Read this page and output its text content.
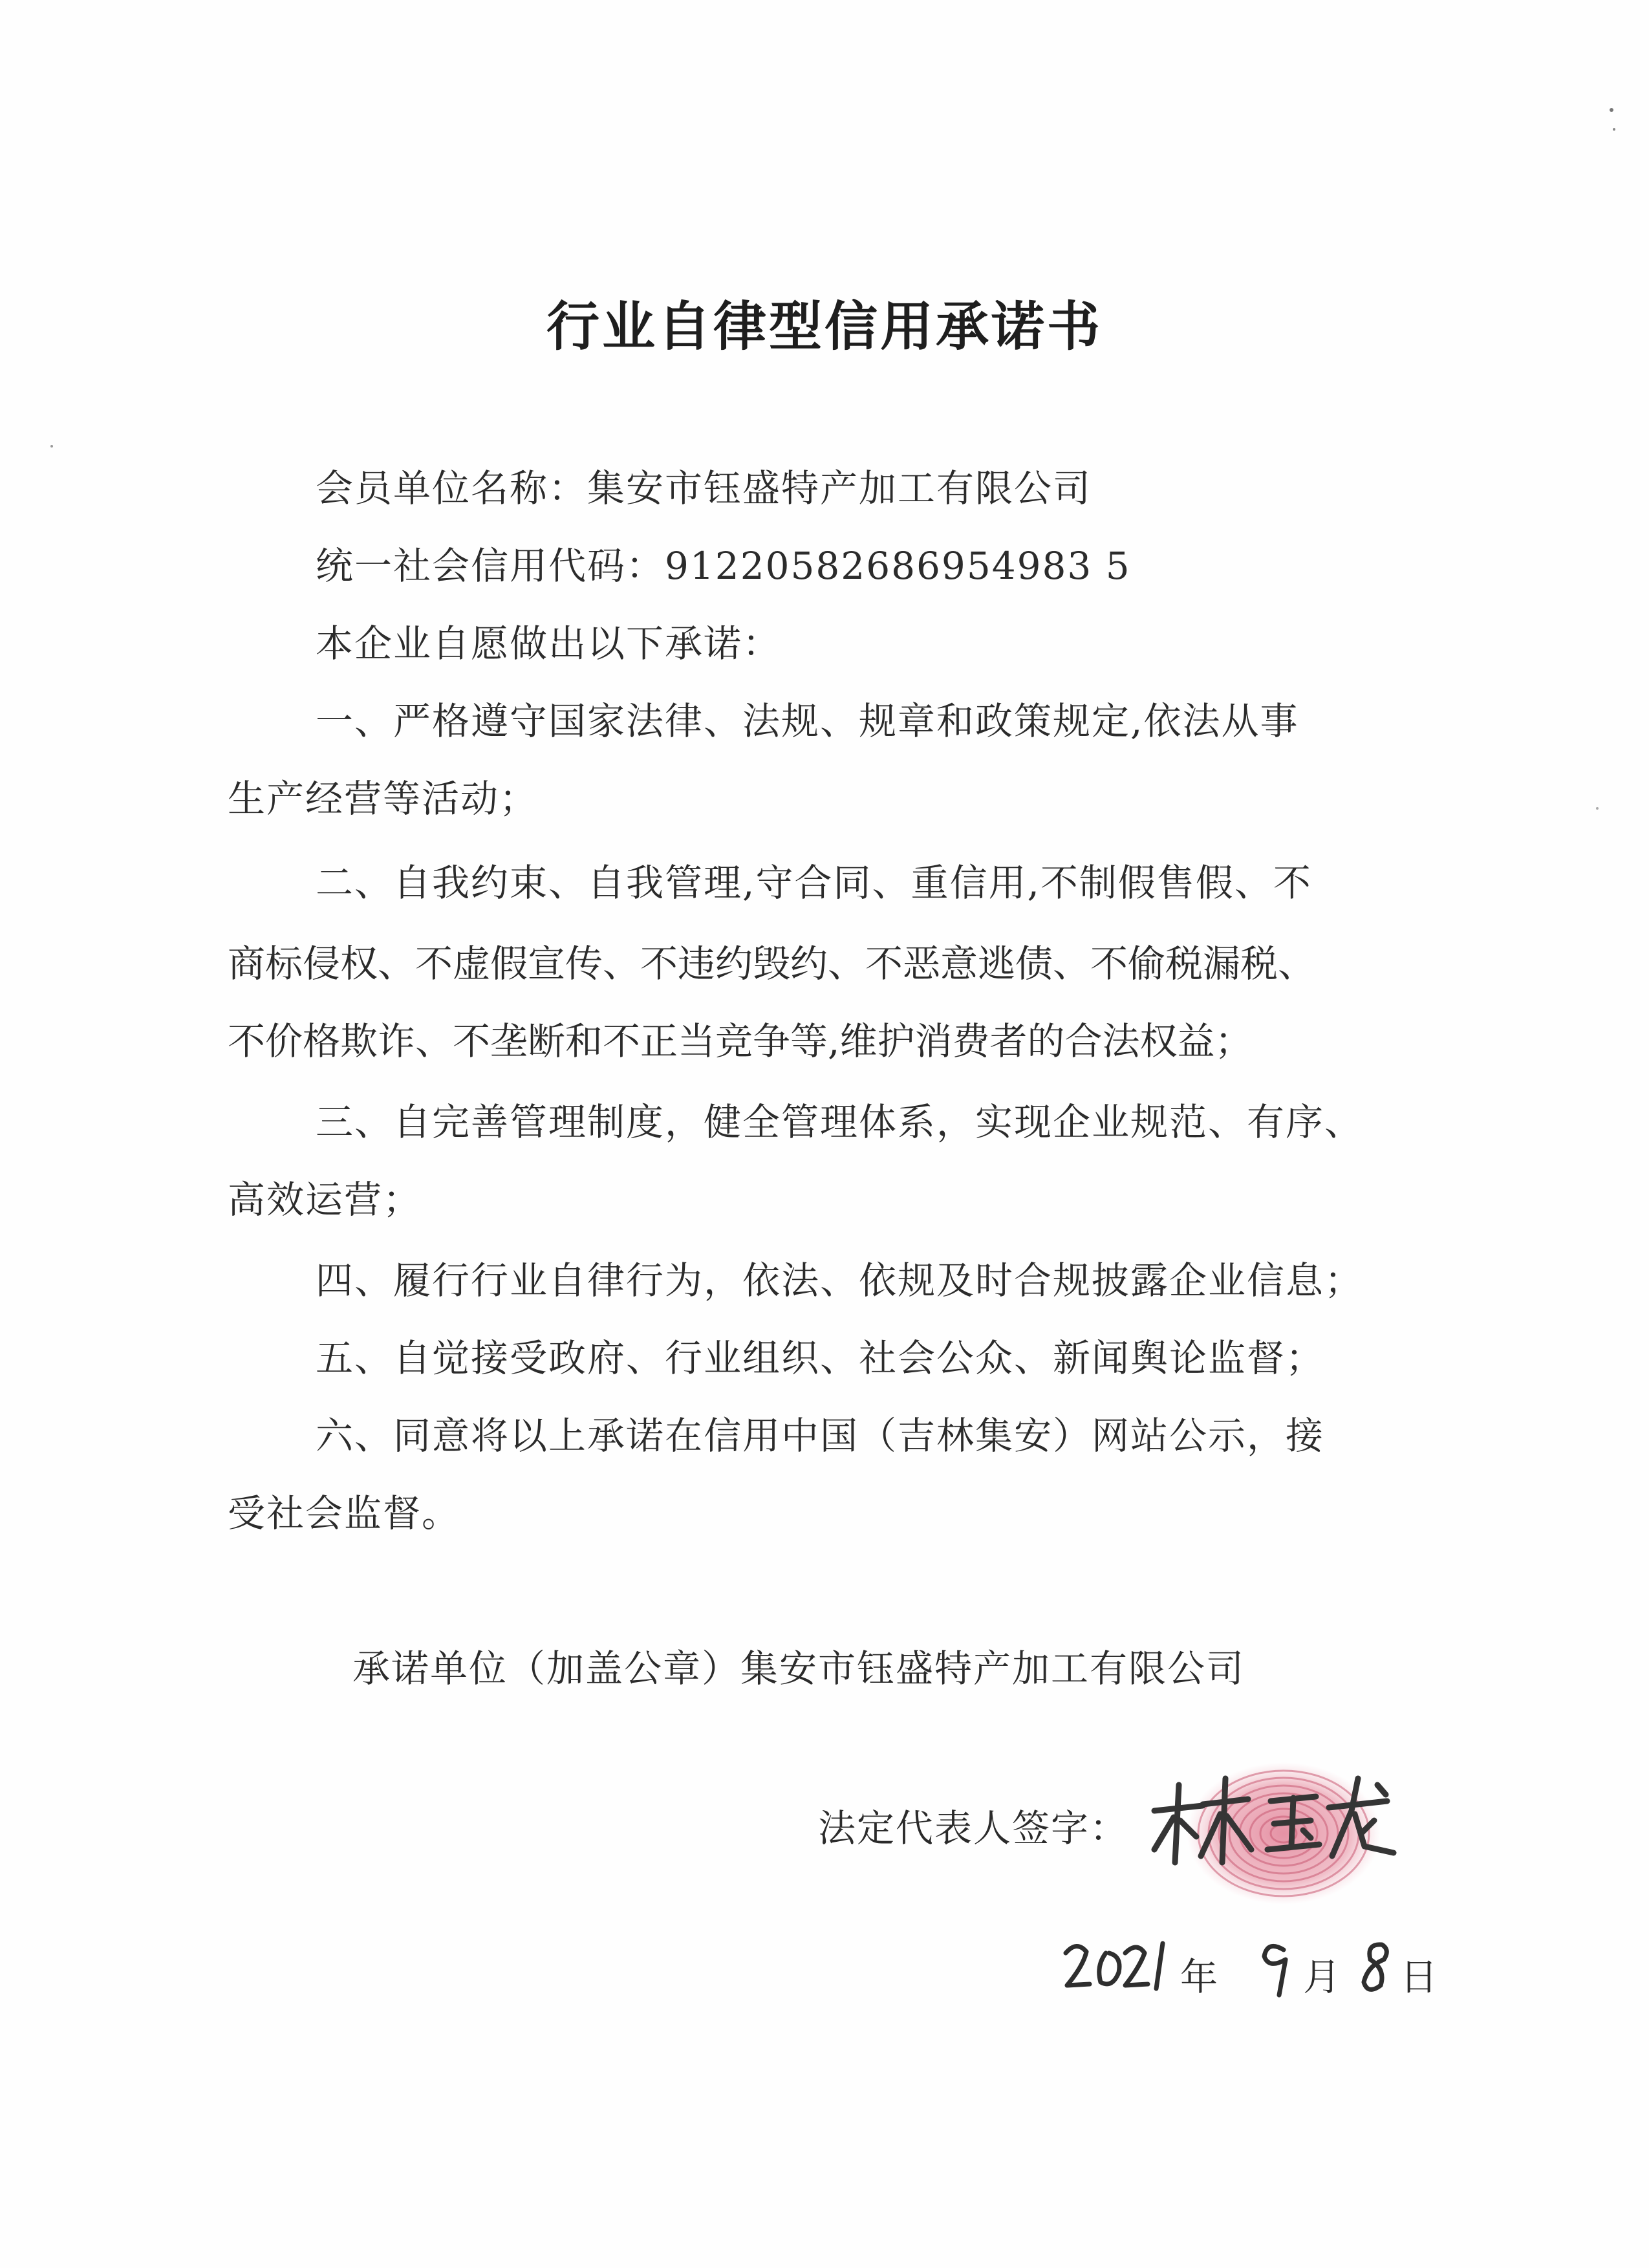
行业自律型信用承诺书
会员单位名称：集安市钰盛特产加工有限公司
统一社会信用代码：91220582686954983 5
本企业自愿做出以下承诺：
一、严格遵守国家法律、法规、规章和政策规定,依法从事
生产经营等活动；
二、自我约束、自我管理,守合同、重信用,不制假售假、不
商标侵权、不虚假宣传、不违约毁约、不恶意逃债、不偷税漏税、
不价格欺诈、不垄断和不正当竞争等,维护消费者的合法权益；
三、自完善管理制度，健全管理体系，实现企业规范、有序、
高效运营；
四、履行行业自律行为，依法、依规及时合规披露企业信息；
五、自觉接受政府、行业组织、社会公众、新闻舆论监督；
六、同意将以上承诺在信用中国（吉林集安）网站公示，接
受社会监督。
承诺单位（加盖公章）集安市钰盛特产加工有限公司
法定代表人签字：
年 月 日
